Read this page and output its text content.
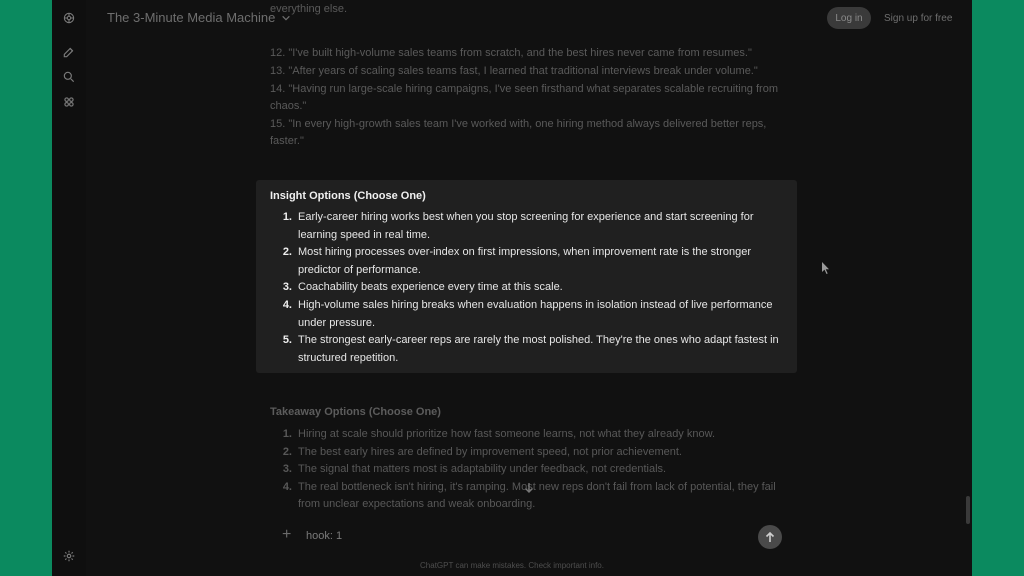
The 3-Minute Media Machine	Log in	Sign up for free
everything else.
12. "I've built high-volume sales teams from scratch, and the best hires never came from resumes."
13. "After years of scaling sales teams fast, I learned that traditional interviews break under volume."
14. "Having run large-scale hiring campaigns, I've seen firsthand what separates scalable recruiting from
chaos."
15. "In every high-growth sales team I've worked with, one hiring method always delivered better reps,
faster."
Insight Options (Choose One)
1. Early-career hiring works best when you stop screening for experience and start screening for learning speed in real time.
2. Most hiring processes over-index on first impressions, when improvement rate is the stronger predictor of performance.
3. Coachability beats experience every time at this scale.
4. High-volume sales hiring breaks when evaluation happens in isolation instead of live performance under pressure.
5. The strongest early-career reps are rarely the most polished. They're the ones who adapt fastest in structured repetition.
Takeaway Options (Choose One)
1. Hiring at scale should prioritize how fast someone learns, not what they already know.
2. The best early hires are defined by improvement speed, not prior achievement.
3. The signal that matters most is adaptability under feedback, not credentials.
4. The real bottleneck isn't hiring, it's ramping. Most new reps don't fail from lack of potential, they fail from unclear expectations and weak onboarding.
+
hook: 1
ChatGPT can make mistakes. Check important info.
